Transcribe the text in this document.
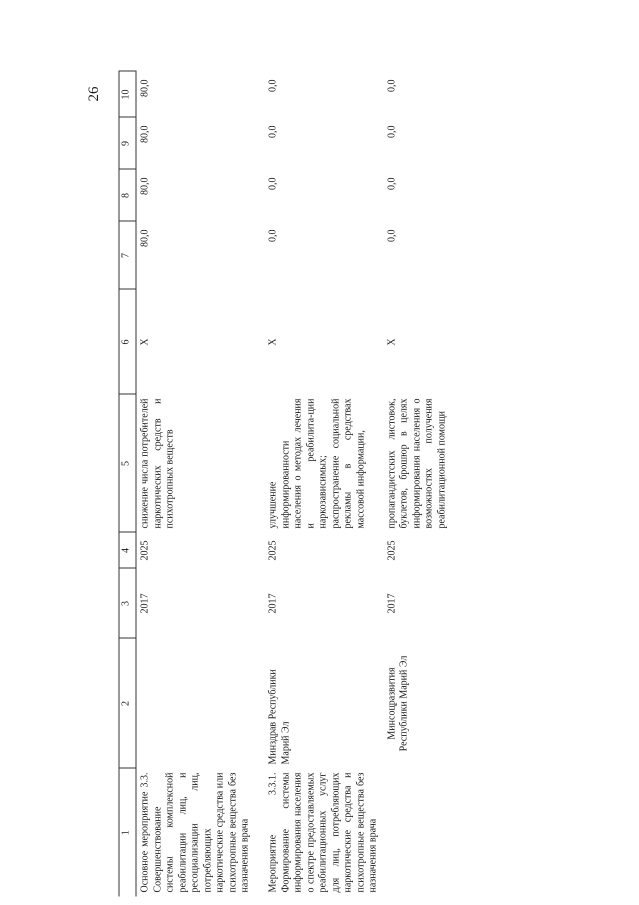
26
1	2	3	4	5	6	7	8	9	10
Основное мероприятие 3.3. Совершенствование системы комплексной реабилитации лиц, и ресоциализации лиц, потребляющих наркотические средства или психотропные вещества без назначения врача		2017	2025	снижение числа потребителей наркотических средств и психотропных веществ	X	80,0	80,0	80,0	80,0
Мероприятие 3.3.1. Формирование системы информирования населения о спектре предоставляемых реабилитационных услуг для лиц, потребляющих наркотические средства и психотропные вещества без назначения врача	Минздрав Республики Марий Эл	2017	2025	улучшение информированности населения о методах лечения и реабилита-ции наркозависимых; распространение социальной рекламы в средствах массовой информации,	X	0,0	0,0	0,0	0,0
	Минсоцразвития Республики Марий Эл	2017	2025	пропагандистских листовок, буклетов, брошюр в целях информирования населения о возможностях получения реабилитационной помощи	X	0,0	0,0	0,0	0,0
